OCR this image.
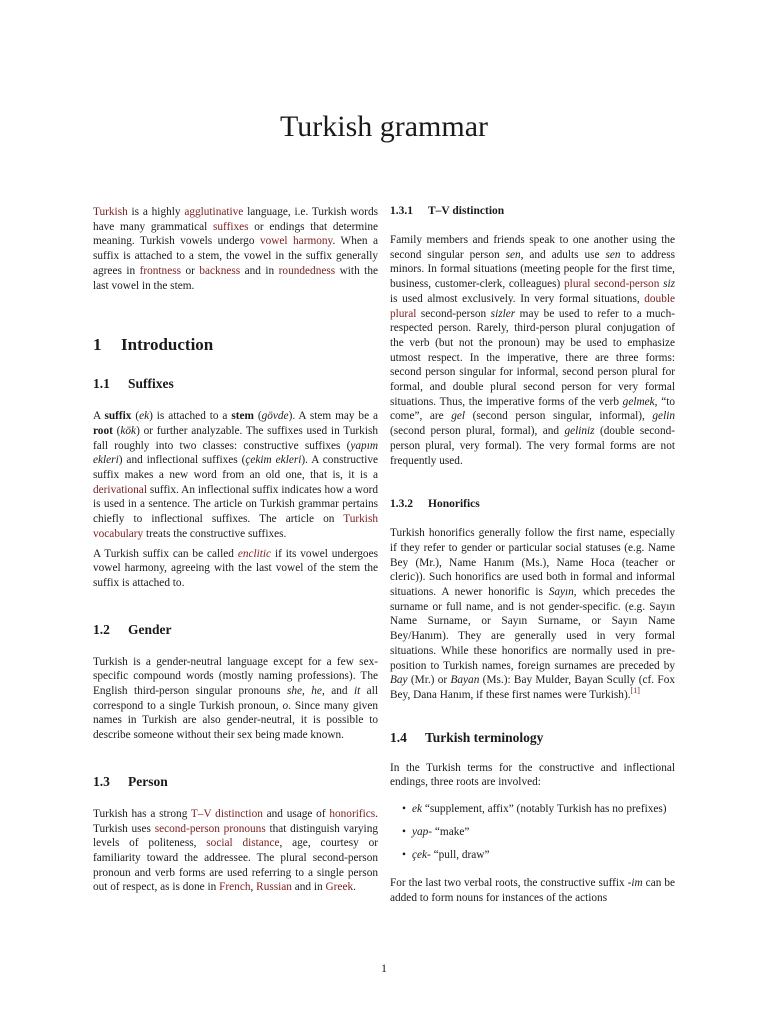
Turkish grammar

Turkish is a highly agglutinative language, i.e. Turkish words have many grammatical suffixes or endings that determine meaning. Turkish vowels undergo vowel harmony. When a suffix is attached to a stem, the vowel in the suffix generally agrees in frontness or backness and in roundedness with the last vowel in the stem.

1 Introduction
1.1 Suffixes

A suffix (ek) is attached to a stem (gövde). A stem may be a root (kök) or further analyzable. The suffixes used in Turkish fall roughly into two classes: constructive suffixes (yapım ekleri) and inflectional suffixes (çekim ekleri). A constructive suffix makes a new word from an old one, that is, it is a derivational suffix. An inflectional suffix indicates how a word is used in a sentence. The article on Turkish grammar pertains chiefly to inflectional suffixes. The article on Turkish vocabulary treats the constructive suffixes.

A Turkish suffix can be called enclitic if its vowel undergoes vowel harmony, agreeing with the last vowel of the stem the suffix is attached to.

1.2 Gender

Turkish is a gender-neutral language except for a few sex-specific compound words (mostly naming professions). The English third-person singular pronouns she, he, and it all correspond to a single Turkish pronoun, o. Since many given names in Turkish are also gender-neutral, it is possible to describe someone without their sex being made known.

1.3 Person

Turkish has a strong T–V distinction and usage of honorifics. Turkish uses second-person pronouns that distinguish varying levels of politeness, social distance, age, courtesy or familiarity toward the addressee. The plural second-person pronoun and verb forms are used referring to a single person out of respect, as is done in French, Russian and in Greek.

1.3.1 T–V distinction

Family members and friends speak to one another using the second singular person sen, and adults use sen to address minors. In formal situations (meeting people for the first time, business, customer-clerk, colleagues) plural second-person siz is used almost exclusively. In very formal situations, double plural second-person sizler may be used to refer to a much-respected person. Rarely, third-person plural conjugation of the verb (but not the pronoun) may be used to emphasize utmost respect. In the imperative, there are three forms: second person singular for informal, second person plural for formal, and double plural second person for very formal situations. Thus, the imperative forms of the verb gelmek, “to come”, are gel (second person singular, informal), gelin (second person plural, formal), and geliniz (double second-person plural, very formal). The very formal forms are not frequently used.

1.3.2 Honorifics

Turkish honorifics generally follow the first name, especially if they refer to gender or particular social statuses (e.g. Name Bey (Mr.), Name Hanım (Ms.), Name Hoca (teacher or cleric)). Such honorifics are used both in formal and informal situations. A newer honorific is Sayın, which precedes the surname or full name, and is not gender-specific. (e.g. Sayın Name Surname, or Sayın Surname, or Sayın Name Bey/Hanım). They are generally used in very formal situations. While these honorifics are normally used in pre-position to Turkish names, foreign surnames are preceded by Bay (Mr.) or Bayan (Ms.): Bay Mulder, Bayan Scully (cf. Fox Bey, Dana Hanım, if these first names were Turkish).[1]

1.4 Turkish terminology

In the Turkish terms for the constructive and inflectional endings, three roots are involved:

• ek “supplement, affix” (notably Turkish has no prefixes)
• yap- “make”
• çek- “pull, draw”

For the last two verbal roots, the constructive suffix -im can be added to form nouns for instances of the actions

1
